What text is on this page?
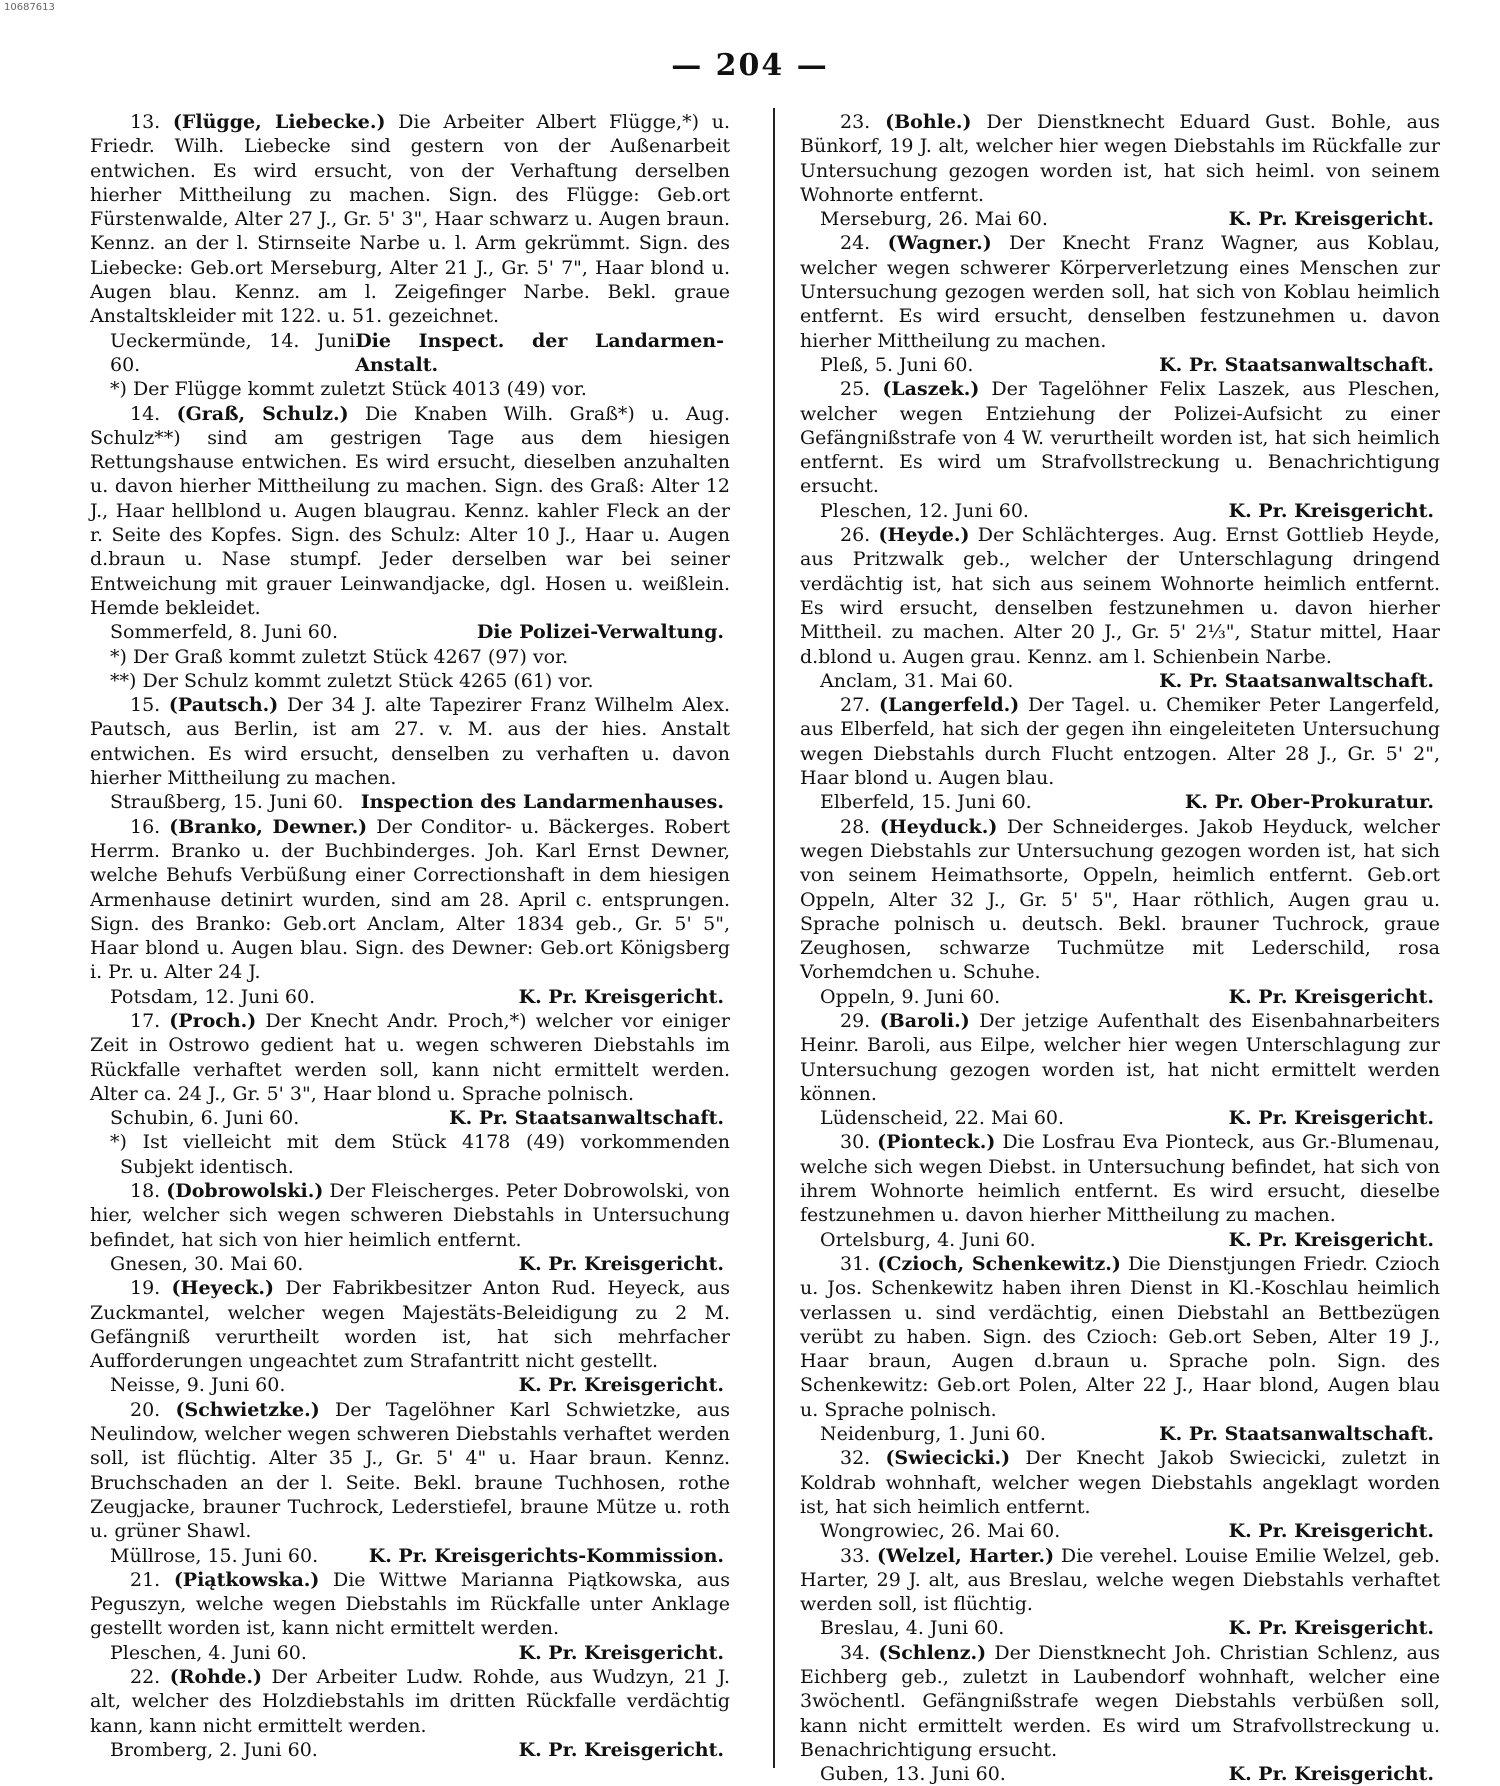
10687613
— 204 —

13. (Flügge, Liebecke.) Die Arbeiter Albert Flügge,*) u. Friedr. Wilh. Liebecke sind gestern von der Außenarbeit entwichen. Es wird ersucht, von der Verhaftung derselben hierher Mittheilung zu machen. Sign. des Flügge: Geb.ort Fürstenwalde, Alter 27 J., Gr. 5' 3", Haar schwarz u. Augen braun. Kennz. an der l. Stirnseite Narbe u. l. Arm gekrümmt. Sign. des Liebecke: Geb.ort Merseburg, Alter 21 J., Gr. 5' 7", Haar blond u. Augen blau. Kennz. am l. Zeigefinger Narbe. Bekl. graue Anstaltskleider mit 122. u. 51. gezeichnet.

Ueckermünde, 14. Juni 60.
Die Inspect. der Landarmen-Anstalt.

*) Der Flügge kommt zuletzt Stück 4013 (49) vor.

14. (Graß, Schulz.) Die Knaben Wilh. Graß*) u. Aug. Schulz**) sind am gestrigen Tage aus dem hiesigen Rettungshause entwichen. Es wird ersucht, dieselben anzuhalten u. davon hierher Mittheilung zu machen. Sign. des Graß: Alter 12 J., Haar hellblond u. Augen blaugrau. Kennz. kahler Fleck an der r. Seite des Kopfes. Sign. des Schulz: Alter 10 J., Haar u. Augen d.braun u. Nase stumpf. Jeder derselben war bei seiner Entweichung mit grauer Leinwandjacke, dgl. Hosen u. weißlein. Hemde bekleidet.

Sommerfeld, 8. Juni 60.	Die Polizei-Verwaltung.

*) Der Graß kommt zuletzt Stück 4267 (97) vor.

**) Der Schulz kommt zuletzt Stück 4265 (61) vor.

15. (Pautsch.) Der 34 J. alte Tapezirer Franz Wilhelm Alex. Pautsch, aus Berlin, ist am 27. v. M. aus der hies. Anstalt entwichen. Es wird ersucht, denselben zu verhaften u. davon hierher Mittheilung zu machen.

Straußberg, 15. Juni 60. Inspection des Landarmenhauses.

16. (Branko, Dewner.) Der Conditor- u. Bäckerges. Robert Herrm. Branko u. der Buchbinderges. Joh. Karl Ernst Dewner, welche Behufs Verbüßung einer Correctionshaft in dem hiesigen Armenhause detinirt wurden, sind am 28. April c. entsprungen. Sign. des Branko: Geb.ort Anclam, Alter 1834 geb., Gr. 5' 5", Haar blond u. Augen blau. Sign. des Dewner: Geb.ort Königsberg i. Pr. u. Alter 24 J.

Potsdam, 12. Juni 60.	K. Pr. Kreisgericht.

17. (Proch.) Der Knecht Andr. Proch,*) welcher vor einiger Zeit in Ostrowo gedient hat u. wegen schweren Diebstahls im Rückfalle verhaftet werden soll, kann nicht ermittelt werden. Alter ca. 24 J., Gr. 5' 3", Haar blond u. Sprache polnisch.

Schubin, 6. Juni 60.	K. Pr. Staatsanwaltschaft.

*) Ist vielleicht mit dem Stück 4178 (49) vorkommenden Subjekt identisch.

18. (Dobrowolski.) Der Fleischerges. Peter Dobrowolski, von hier, welcher sich wegen schweren Diebstahls in Untersuchung befindet, hat sich von hier heimlich entfernt.

Gnesen, 30. Mai 60.	K. Pr. Kreisgericht.

19. (Heyeck.) Der Fabrikbesitzer Anton Rud. Heyeck, aus Zuckmantel, welcher wegen Majestäts-Beleidigung zu 2 M. Gefängniß verurtheilt worden ist, hat sich mehrfacher Aufforderungen ungeachtet zum Strafantritt nicht gestellt.

Neisse, 9. Juni 60.	K. Pr. Kreisgericht.

20. (Schwietzke.) Der Tagelöhner Karl Schwietzke, aus Neulindow, welcher wegen schweren Diebstahls verhaftet werden soll, ist flüchtig. Alter 35 J., Gr. 5' 4" u. Haar braun. Kennz. Bruchschaden an der l. Seite. Bekl. braune Tuchhosen, rothe Zeugjacke, brauner Tuchrock, Lederstiefel, braune Mütze u. roth u. grüner Shawl.

Müllrose, 15. Juni 60.	K. Pr. Kreisgerichts-Kommission.

21. (Piątkowska.) Die Wittwe Marianna Piątkowska, aus Peguszyn, welche wegen Diebstahls im Rückfalle unter Anklage gestellt worden ist, kann nicht ermittelt werden.

Pleschen, 4. Juni 60.	K. Pr. Kreisgericht.

22. (Rohde.) Der Arbeiter Ludw. Rohde, aus Wudzyn, 21 J. alt, welcher des Holzdiebstahls im dritten Rückfalle verdächtig kann, kann nicht ermittelt werden.

Bromberg, 2. Juni 60.	K. Pr. Kreisgericht.

23. (Bohle.) Der Dienstknecht Eduard Gust. Bohle, aus Bünkorf, 19 J. alt, welcher hier wegen Diebstahls im Rückfalle zur Untersuchung gezogen worden ist, hat sich heiml. von seinem Wohnorte entfernt.

Merseburg, 26. Mai 60.	K. Pr. Kreisgericht.

24. (Wagner.) Der Knecht Franz Wagner, aus Koblau, welcher wegen schwerer Körperverletzung eines Menschen zur Untersuchung gezogen werden soll, hat sich von Koblau heimlich entfernt. Es wird ersucht, denselben festzunehmen u. davon hierher Mittheilung zu machen.

Pleß, 5. Juni 60.	K. Pr. Staatsanwaltschaft.

25. (Laszek.) Der Tagelöhner Felix Laszek, aus Pleschen, welcher wegen Entziehung der Polizei-Aufsicht zu einer Gefängnißstrafe von 4 W. verurtheilt worden ist, hat sich heimlich entfernt. Es wird um Strafvollstreckung u. Benachrichtigung ersucht.

Pleschen, 12. Juni 60.	K. Pr. Kreisgericht.

26. (Heyde.) Der Schlächterges. Aug. Ernst Gottlieb Heyde, aus Pritzwalk geb., welcher der Unterschlagung dringend verdächtig ist, hat sich aus seinem Wohnorte heimlich entfernt. Es wird ersucht, denselben festzunehmen u. davon hierher Mittheil. zu machen. Alter 20 J., Gr. 5' 2⅓", Statur mittel, Haar d.blond u. Augen grau. Kennz. am l. Schienbein Narbe.

Anclam, 31. Mai 60.	K. Pr. Staatsanwaltschaft.

27. (Langerfeld.) Der Tagel. u. Chemiker Peter Langerfeld, aus Elberfeld, hat sich der gegen ihn eingeleiteten Untersuchung wegen Diebstahls durch Flucht entzogen. Alter 28 J., Gr. 5' 2", Haar blond u. Augen blau.

Elberfeld, 15. Juni 60.	K. Pr. Ober-Prokuratur.

28. (Heyduck.) Der Schneiderges. Jakob Heyduck, welcher wegen Diebstahls zur Untersuchung gezogen worden ist, hat sich von seinem Heimathsorte, Oppeln, heimlich entfernt. Geb.ort Oppeln, Alter 32 J., Gr. 5' 5", Haar röthlich, Augen grau u. Sprache polnisch u. deutsch. Bekl. brauner Tuchrock, graue Zeughosen, schwarze Tuchmütze mit Lederschild, rosa Vorhemdchen u. Schuhe.

Oppeln, 9. Juni 60.	K. Pr. Kreisgericht.

29. (Baroli.) Der jetzige Aufenthalt des Eisenbahnarbeiters Heinr. Baroli, aus Eilpe, welcher hier wegen Unterschlagung zur Untersuchung gezogen worden ist, hat nicht ermittelt werden können.

Lüdenscheid, 22. Mai 60.	K. Pr. Kreisgericht.

30. (Pionteck.) Die Losfrau Eva Pionteck, aus Gr.-Blumenau, welche sich wegen Diebst. in Untersuchung befindet, hat sich von ihrem Wohnorte heimlich entfernt. Es wird ersucht, dieselbe festzunehmen u. davon hierher Mittheilung zu machen.

Ortelsburg, 4. Juni 60.	K. Pr. Kreisgericht.

31. (Czioch, Schenkewitz.) Die Dienstjungen Friedr. Czioch u. Jos. Schenkewitz haben ihren Dienst in Kl.-Koschlau heimlich verlassen u. sind verdächtig, einen Diebstahl an Bettbezügen verübt zu haben. Sign. des Czioch: Geb.ort Seben, Alter 19 J., Haar braun, Augen d.braun u. Sprache poln. Sign. des Schenkewitz: Geb.ort Polen, Alter 22 J., Haar blond, Augen blau u. Sprache polnisch.

Neidenburg, 1. Juni 60.	K. Pr. Staatsanwaltschaft.

32. (Swiecicki.) Der Knecht Jakob Swiecicki, zuletzt in Koldrab wohnhaft, welcher wegen Diebstahls angeklagt worden ist, hat sich heimlich entfernt.

Wongrowiec, 26. Mai 60.	K. Pr. Kreisgericht.

33. (Welzel, Harter.) Die verehel. Louise Emilie Welzel, geb. Harter, 29 J. alt, aus Breslau, welche wegen Diebstahls verhaftet werden soll, ist flüchtig.

Breslau, 4. Juni 60.	K. Pr. Kreisgericht.

34. (Schlenz.) Der Dienstknecht Joh. Christian Schlenz, aus Eichberg geb., zuletzt in Laubendorf wohnhaft, welcher eine 3wöchentl. Gefängnißstrafe wegen Diebstahls verbüßen soll, kann nicht ermittelt werden. Es wird um Strafvollstreckung u. Benachrichtigung ersucht.

Guben, 13. Juni 60.	K. Pr. Kreisgericht.
